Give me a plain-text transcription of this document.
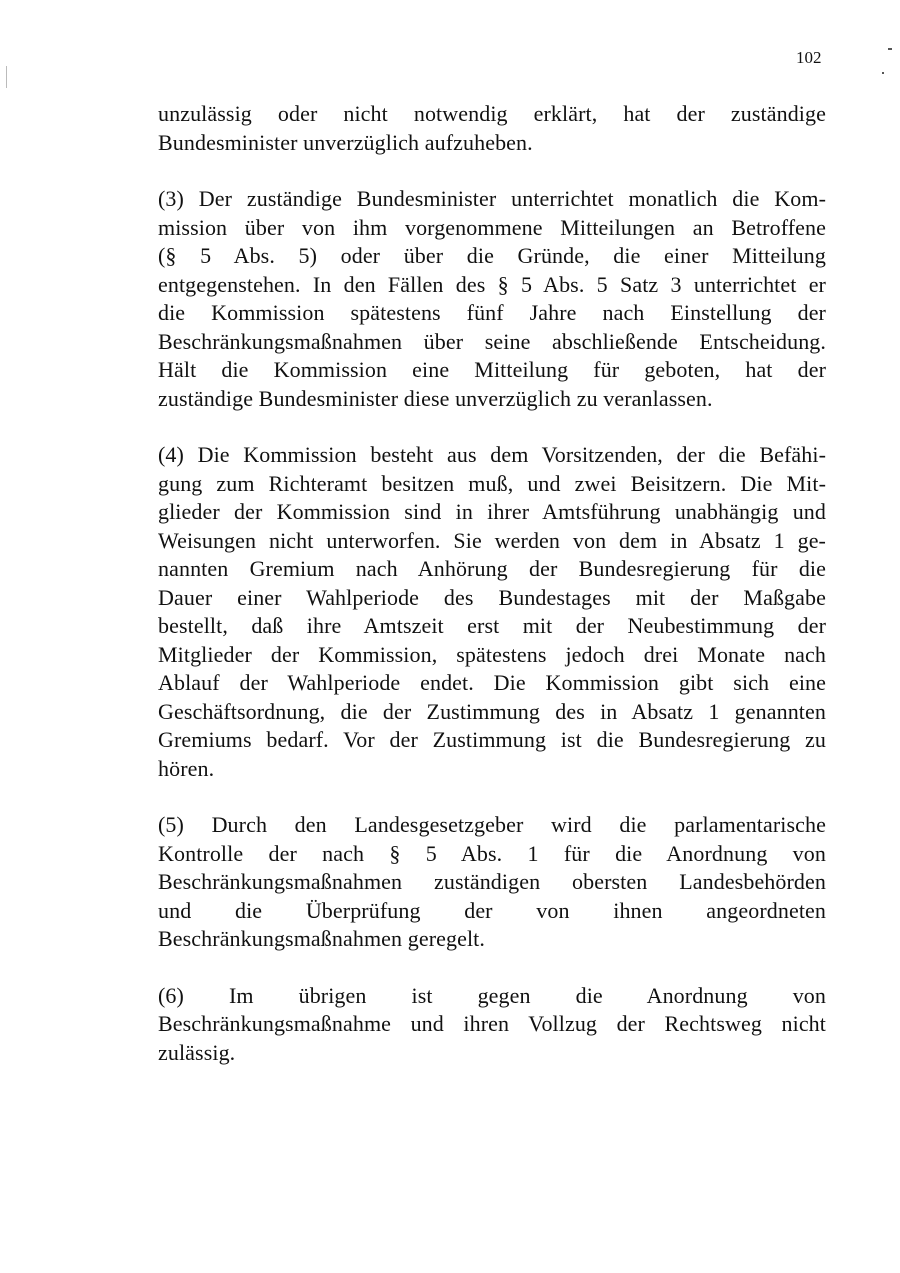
102

unzulässig oder nicht notwendig erklärt, hat der zuständige
Bundesminister unverzüglich aufzuheben.

(3) Der zuständige Bundesminister unterrichtet monatlich die Kom-
mission über von ihm vorgenommene Mitteilungen an Betroffene
(§ 5 Abs. 5) oder über die Gründe, die einer Mitteilung
entgegenstehen. In den Fällen des § 5 Abs. 5 Satz 3 unterrichtet er
die Kommission spätestens fünf Jahre nach Einstellung der
Beschränkungsmaßnahmen über seine abschließende Entscheidung.
Hält die Kommission eine Mitteilung für geboten, hat der
zuständige Bundesminister diese unverzüglich zu veranlassen.

(4) Die Kommission besteht aus dem Vorsitzenden, der die Befähi-
gung zum Richteramt besitzen muß, und zwei Beisitzern. Die Mit-
glieder der Kommission sind in ihrer Amtsführung unabhängig und
Weisungen nicht unterworfen. Sie werden von dem in Absatz 1 ge-
nannten Gremium nach Anhörung der Bundesregierung für die
Dauer einer Wahlperiode des Bundestages mit der Maßgabe
bestellt, daß ihre Amtszeit erst mit der Neubestimmung der
Mitglieder der Kommission, spätestens jedoch drei Monate nach
Ablauf der Wahlperiode endet. Die Kommission gibt sich eine
Geschäftsordnung, die der Zustimmung des in Absatz 1 genannten
Gremiums bedarf. Vor der Zustimmung ist die Bundesregierung zu
hören.

(5) Durch den Landesgesetzgeber wird die parlamentarische
Kontrolle der nach § 5 Abs. 1 für die Anordnung von
Beschränkungsmaßnahmen zuständigen obersten Landesbehörden
und die Überprüfung der von ihnen angeordneten
Beschränkungsmaßnahmen geregelt.

(6) Im übrigen ist gegen die Anordnung von
Beschränkungsmaßnahme und ihren Vollzug der Rechtsweg nicht
zulässig.
